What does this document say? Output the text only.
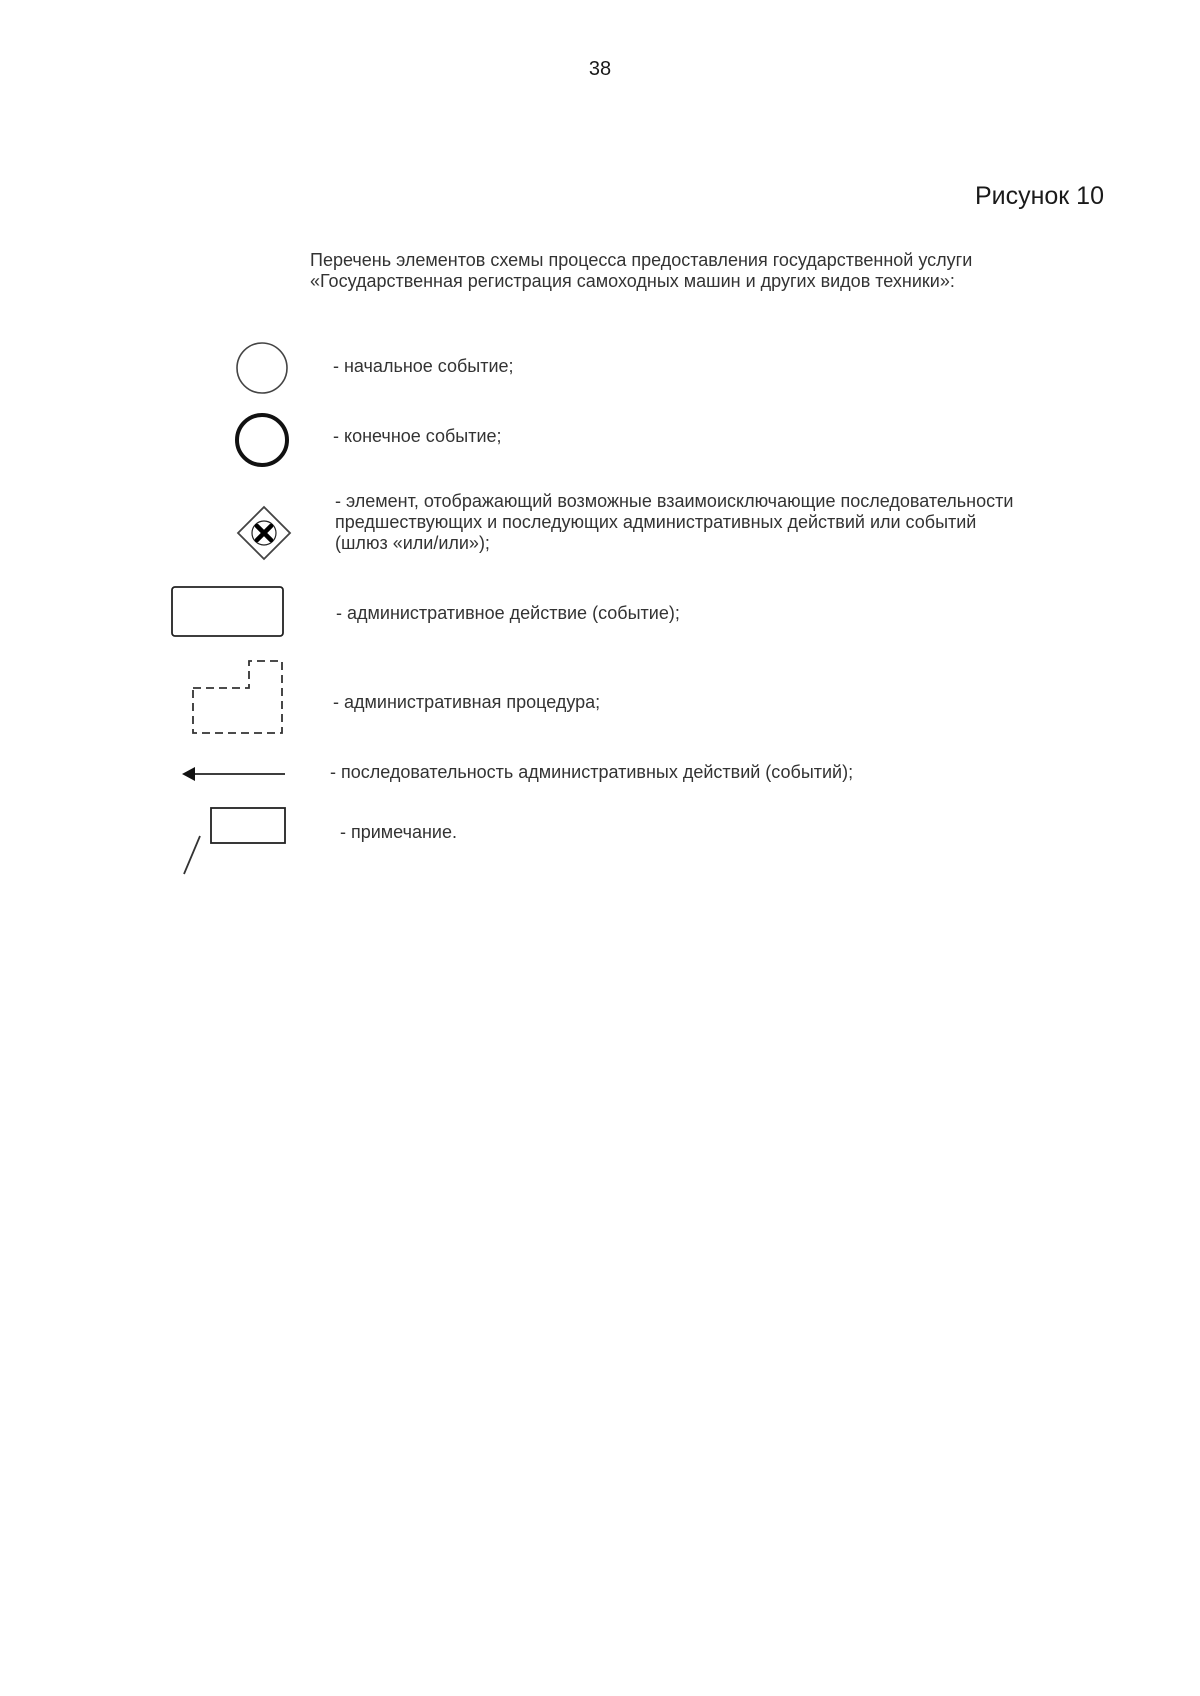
38
Рисунок 10
Перечень элементов схемы процесса предоставления государственной услуги
«Государственная регистрация самоходных машин и других видов техники»:
- начальное событие;
- конечное событие;
- элемент, отображающий возможные взаимоисключающие последовательности
предшествующих и последующих административных действий или событий
(шлюз «или/или»);
- административное действие (событие);
- административная процедура;
- последовательность административных действий (событий);
- примечание.
